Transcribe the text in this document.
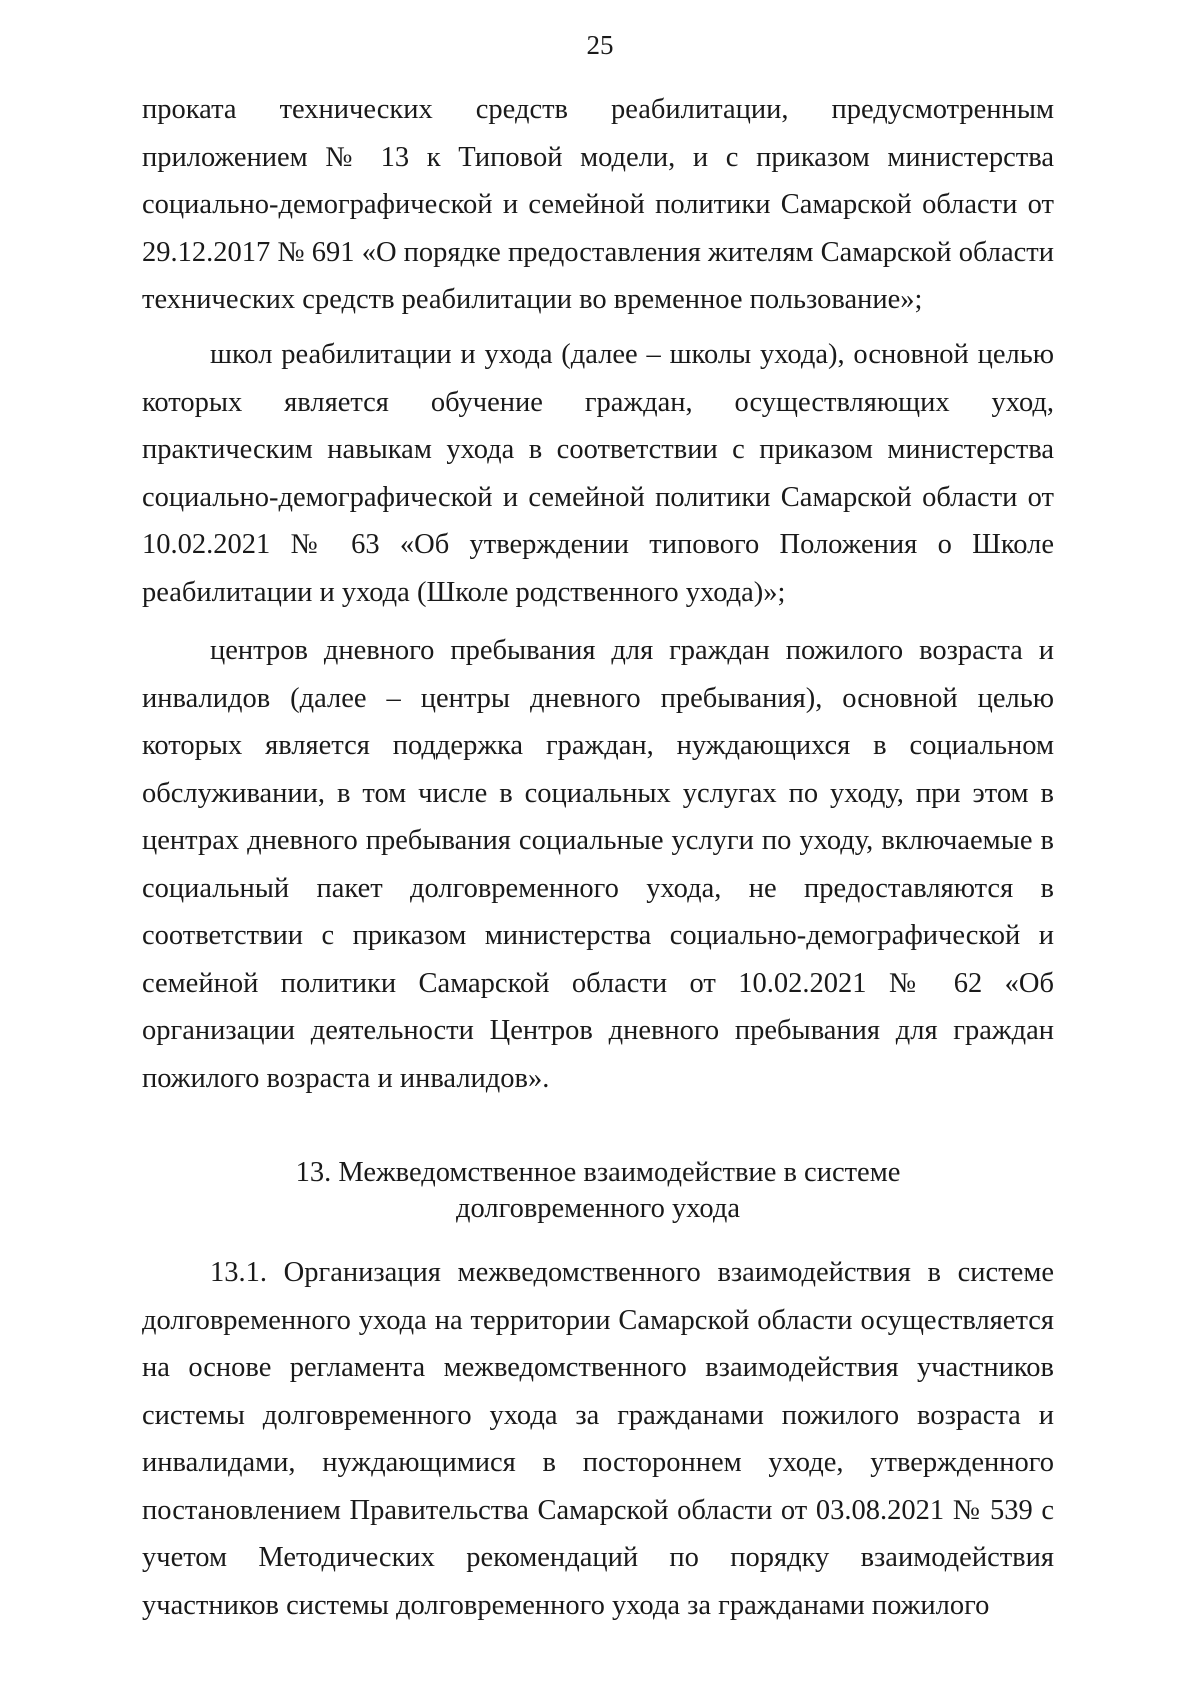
25

проката технических средств реабилитации, предусмотренным приложением № 13 к Типовой модели, и с приказом министерства социально-демографической и семейной политики Самарской области от 29.12.2017 № 691 «О порядке предоставления жителям Самарской области технических средств реабилитации во временное пользование»;

школ реабилитации и ухода (далее – школы ухода), основной целью которых является обучение граждан, осуществляющих уход, практическим навыкам ухода в соответствии с приказом министерства социально-демографической и семейной политики Самарской области от 10.02.2021 № 63 «Об утверждении типового Положения о Школе реабилитации и ухода (Школе родственного ухода)»;

центров дневного пребывания для граждан пожилого возраста и инвалидов (далее – центры дневного пребывания), основной целью которых является поддержка граждан, нуждающихся в социальном обслуживании, в том числе в социальных услугах по уходу, при этом в центрах дневного пребывания социальные услуги по уходу, включаемые в социальный пакет долговременного ухода, не предоставляются в соответствии с приказом министерства социально-демографической и семейной политики Самарской области от 10.02.2021 № 62 «Об организации деятельности Центров дневного пребывания для граждан пожилого возраста и инвалидов».

13. Межведомственное взаимодействие в системе
долговременного ухода

13.1. Организация межведомственного взаимодействия в системе долговременного ухода на территории Самарской области осуществляется на основе регламента межведомственного взаимодействия участников системы долговременного ухода за гражданами пожилого возраста и инвалидами, нуждающимися в постороннем уходе, утвержденного постановлением Правительства Самарской области от 03.08.2021 № 539 с учетом Методических рекомендаций по порядку взаимодействия участников системы долговременного ухода за гражданами пожилого
